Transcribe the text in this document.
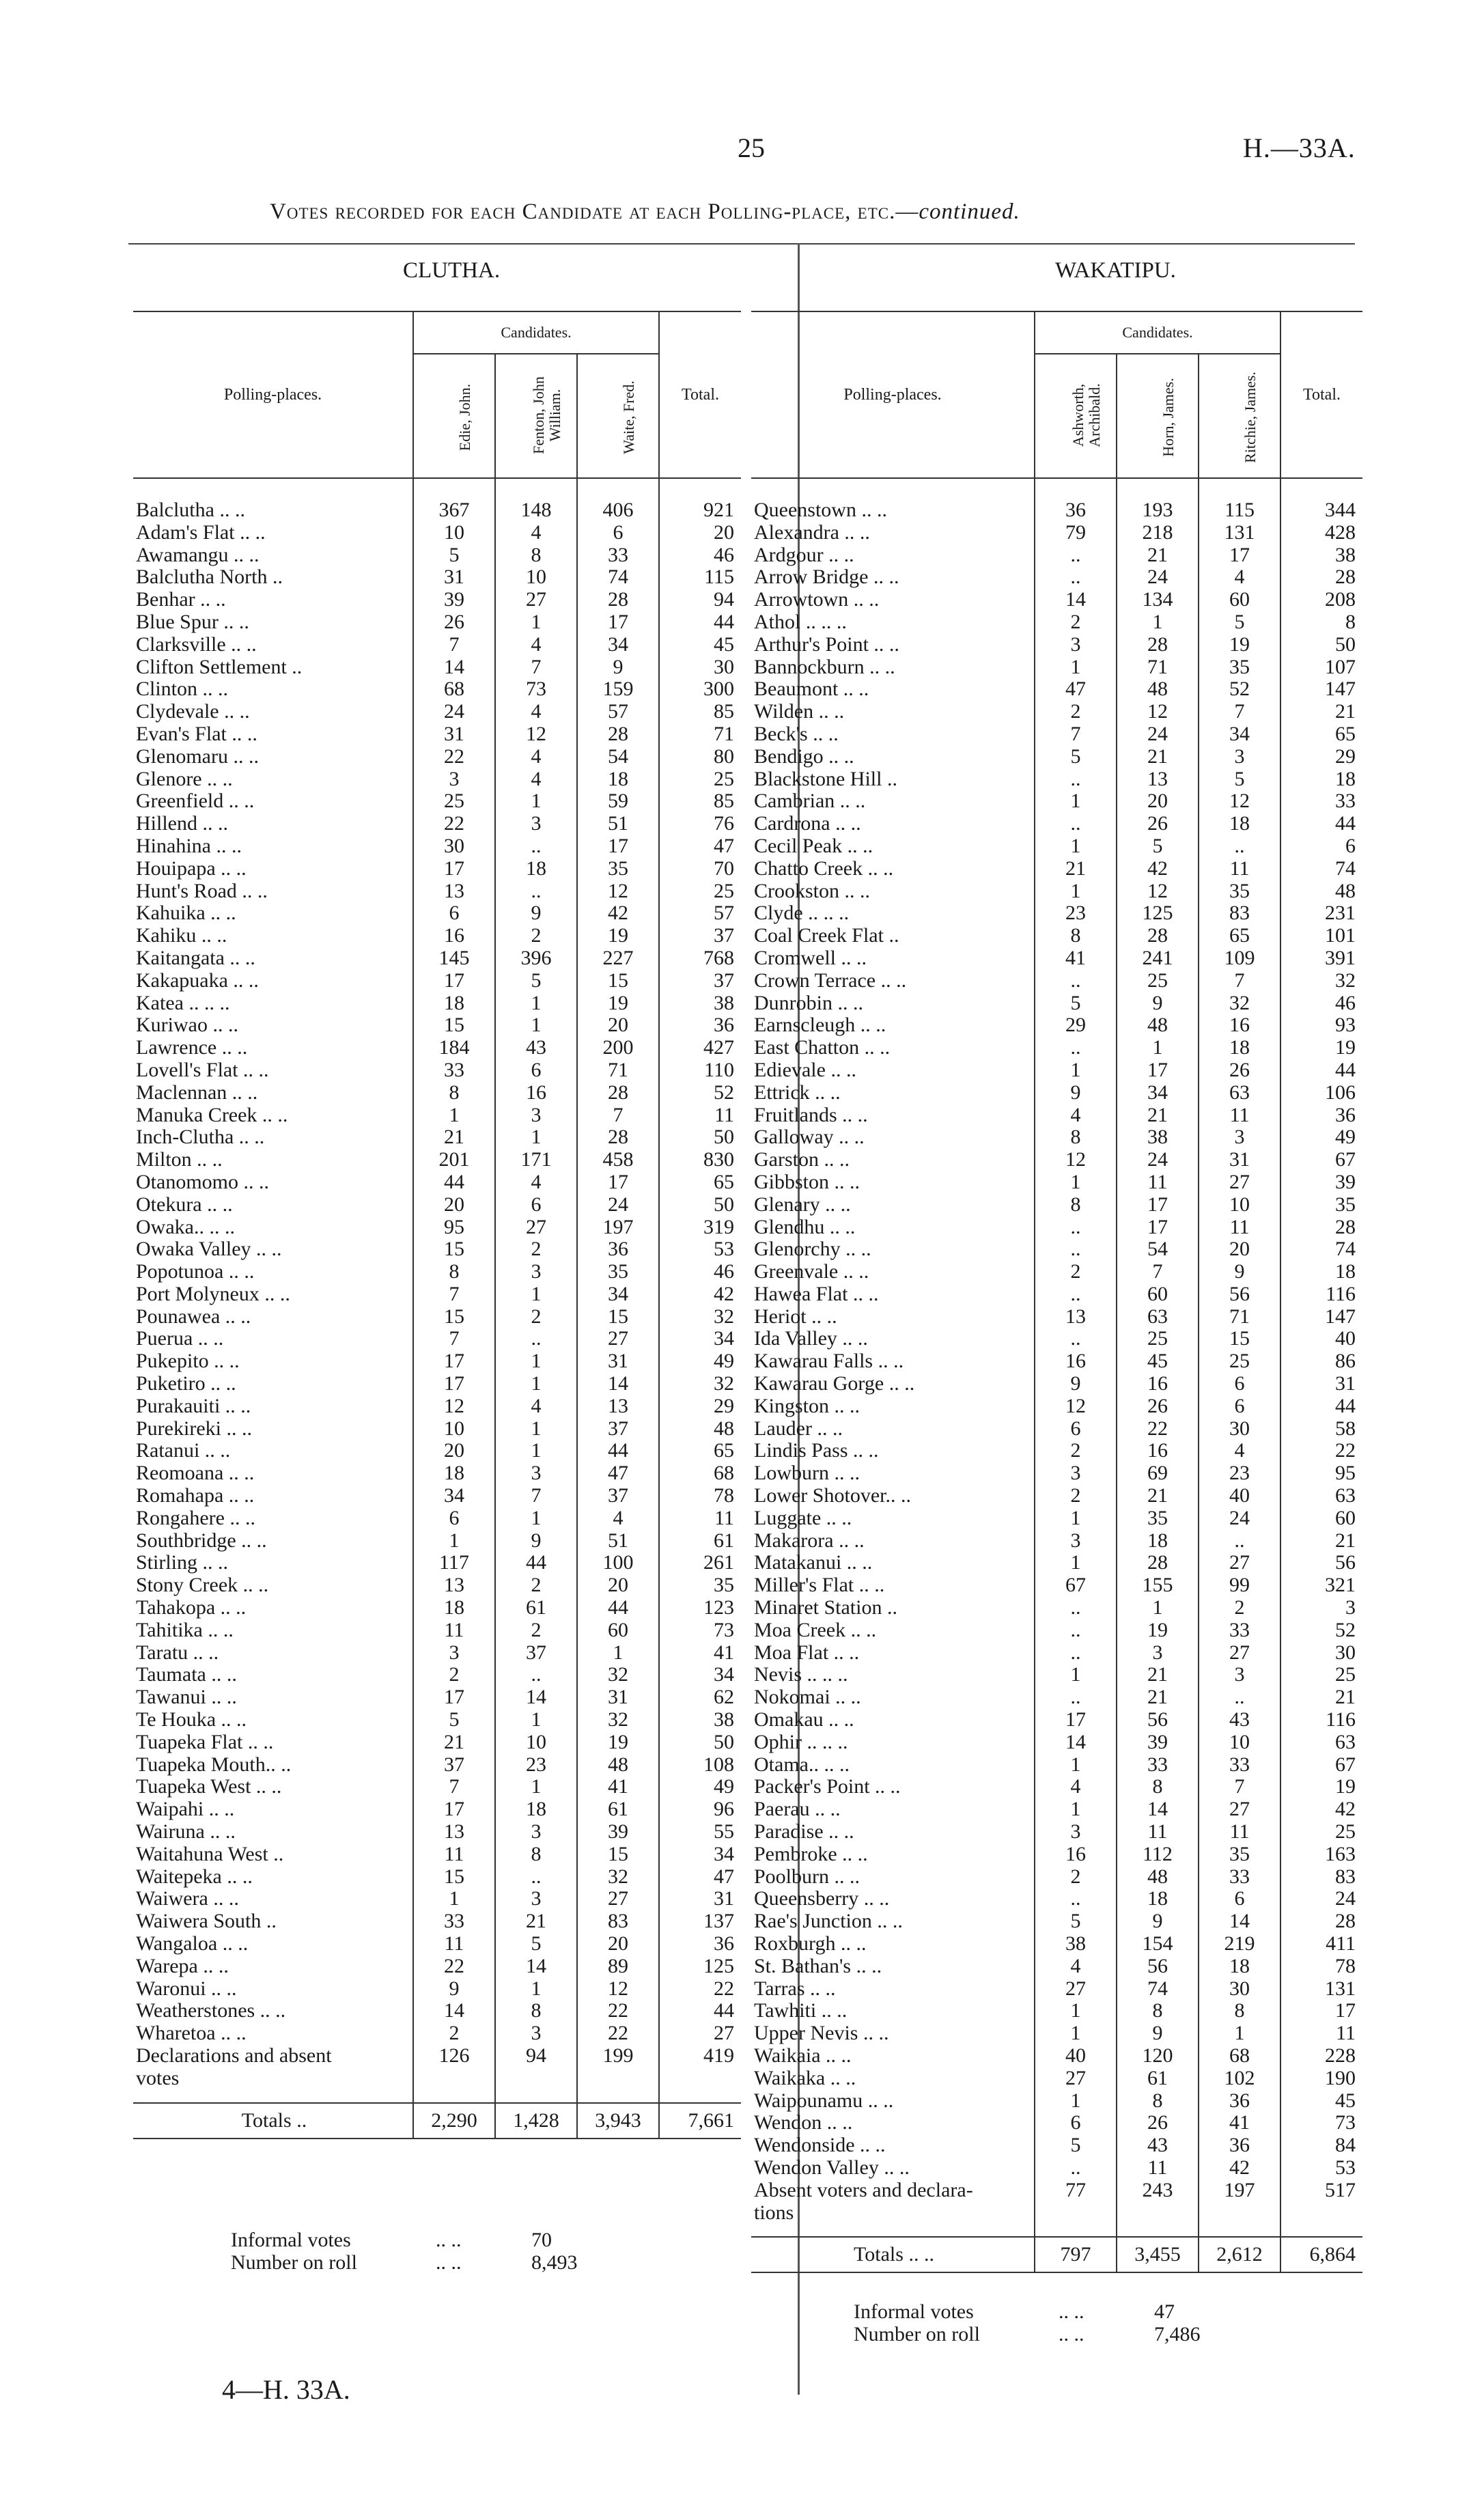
25	H.—33A.
Votes recorded for each Candidate at each Polling-place, etc.—continued.
CLUTHA.
Polling-places.	Candidates.			Total.
	Edie, John.	Fenton, John William.	Waite, Fred.	
Balclutha .. ..	367	148	406	921
Adam's Flat .. ..	10	4	6	20
Awamangu .. ..	5	8	33	46
Balclutha North ..	31	10	74	115
Benhar .. ..	39	27	28	94
Blue Spur .. ..	26	1	17	44
Clarksville .. ..	7	4	34	45
Clifton Settlement ..	14	7	9	30
Clinton .. ..	68	73	159	300
Clydevale .. ..	24	4	57	85
Evan's Flat .. ..	31	12	28	71
Glenomaru .. ..	22	4	54	80
Glenore .. ..	3	4	18	25
Greenfield .. ..	25	1	59	85
Hillend .. ..	22	3	51	76
Hinahina .. ..	30	..	17	47
Houipapa .. ..	17	18	35	70
Hunt's Road .. ..	13	..	12	25
Kahuika .. ..	6	9	42	57
Kahiku .. ..	16	2	19	37
Kaitangata .. ..	145	396	227	768
Kakapuaka .. ..	17	5	15	37
Katea .. .. ..	18	1	19	38
Kuriwao .. ..	15	1	20	36
Lawrence .. ..	184	43	200	427
Lovell's Flat .. ..	33	6	71	110
Maclennan .. ..	8	16	28	52
Manuka Creek .. ..	1	3	7	11
Inch-Clutha .. ..	21	1	28	50
Milton .. ..	201	171	458	830
Otanomomo .. ..	44	4	17	65
Otekura .. ..	20	6	24	50
Owaka.. .. ..	95	27	197	319
Owaka Valley .. ..	15	2	36	53
Popotunoa .. ..	8	3	35	46
Port Molyneux .. ..	7	1	34	42
Pounawea .. ..	15	2	15	32
Puerua .. ..	7	..	27	34
Pukepito .. ..	17	1	31	49
Puketiro .. ..	17	1	14	32
Purakauiti .. ..	12	4	13	29
Purekireki .. ..	10	1	37	48
Ratanui .. ..	20	1	44	65
Reomoana .. ..	18	3	47	68
Romahapa .. ..	34	7	37	78
Rongahere .. ..	6	1	4	11
Southbridge .. ..	1	9	51	61
Stirling .. ..	117	44	100	261
Stony Creek .. ..	13	2	20	35
Tahakopa .. ..	18	61	44	123
Tahitika .. ..	11	2	60	73
Taratu .. ..	3	37	1	41
Taumata .. ..	2	..	32	34
Tawanui .. ..	17	14	31	62
Te Houka .. ..	5	1	32	38
Tuapeka Flat .. ..	21	10	19	50
Tuapeka Mouth.. ..	37	23	48	108
Tuapeka West .. ..	7	1	41	49
Waipahi .. ..	17	18	61	96
Wairuna .. ..	13	3	39	55
Waitahuna West ..	11	8	15	34
Waitepeka .. ..	15	..	32	47
Waiwera .. ..	1	3	27	31
Waiwera South ..	33	21	83	137
Wangaloa .. ..	11	5	20	36
Warepa .. ..	22	14	89	125
Waronui .. ..	9	1	12	22
Weatherstones .. ..	14	8	22	44
Wharetoa .. ..	2	3	22	27
Declarations and absent	126	94	199	419
votes				

Totals ..	2,290	1,428	3,943	7,661
Informal votes	.. ..	70
Number on roll	.. ..	8,493
WAKATIPU.
Polling-places.	Candidates.			Total.
	Ashworth, Archibald.	Horn, James.	Ritchie, James.	
Queenstown .. ..	36	193	115	344
Alexandra .. ..	79	218	131	428
Ardgour .. ..	..	21	17	38
Arrow Bridge .. ..	..	24	4	28
Arrowtown .. ..	14	134	60	208
Athol .. .. ..	2	1	5	8
Arthur's Point .. ..	3	28	19	50
Bannockburn .. ..	1	71	35	107
Beaumont .. ..	47	48	52	147
Wilden .. ..	2	12	7	21
Beck's .. ..	7	24	34	65
Bendigo .. ..	5	21	3	29
Blackstone Hill ..	..	13	5	18
Cambrian .. ..	1	20	12	33
Cardrona .. ..	..	26	18	44
Cecil Peak .. ..	1	5	..	6
Chatto Creek .. ..	21	42	11	74
Crookston .. ..	1	12	35	48
Clyde .. .. ..	23	125	83	231
Coal Creek Flat ..	8	28	65	101
Cromwell .. ..	41	241	109	391
Crown Terrace .. ..	..	25	7	32
Dunrobin .. ..	5	9	32	46
Earnscleugh .. ..	29	48	16	93
East Chatton .. ..	..	1	18	19
Edievale .. ..	1	17	26	44
Ettrick .. ..	9	34	63	106
Fruitlands .. ..	4	21	11	36
Galloway .. ..	8	38	3	49
Garston .. ..	12	24	31	67
Gibbston .. ..	1	11	27	39
Glenary .. ..	8	17	10	35
Glendhu .. ..	..	17	11	28
Glenorchy .. ..	..	54	20	74
Greenvale .. ..	2	7	9	18
Hawea Flat .. ..	..	60	56	116
Heriot .. ..	13	63	71	147
Ida Valley .. ..	..	25	15	40
Kawarau Falls .. ..	16	45	25	86
Kawarau Gorge .. ..	9	16	6	31
Kingston .. ..	12	26	6	44
Lauder .. ..	6	22	30	58
Lindis Pass .. ..	2	16	4	22
Lowburn .. ..	3	69	23	95
Lower Shotover.. ..	2	21	40	63
Luggate .. ..	1	35	24	60
Makarora .. ..	3	18	..	21
Matakanui .. ..	1	28	27	56
Miller's Flat .. ..	67	155	99	321
Minaret Station ..	..	1	2	3
Moa Creek .. ..	..	19	33	52
Moa Flat .. ..	..	3	27	30
Nevis .. .. ..	1	21	3	25
Nokomai .. ..	..	21	..	21
Omakau .. ..	17	56	43	116
Ophir .. .. ..	14	39	10	63
Otama.. .. ..	1	33	33	67
Packer's Point .. ..	4	8	7	19
Paerau .. ..	1	14	27	42
Paradise .. ..	3	11	11	25
Pembroke .. ..	16	112	35	163
Poolburn .. ..	2	48	33	83
Queensberry .. ..	..	18	6	24
Rae's Junction .. ..	5	9	14	28
Roxburgh .. ..	38	154	219	411
St. Bathan's .. ..	4	56	18	78
Tarras .. ..	27	74	30	131
Tawhiti .. ..	1	8	8	17
Upper Nevis .. ..	1	9	1	11
Waikaia .. ..	40	120	68	228
Waikaka .. ..	27	61	102	190
Waipounamu .. ..	1	8	36	45
Wendon .. ..	6	26	41	73
Wendonside .. ..	5	43	36	84
Wendon Valley .. ..	..	11	42	53
Absent voters and declara-	77	243	197	517
tions				

Totals .. ..	797	3,455	2,612	6,864
Informal votes	.. ..	47
Number on roll	.. ..	7,486
4—H. 33A.
